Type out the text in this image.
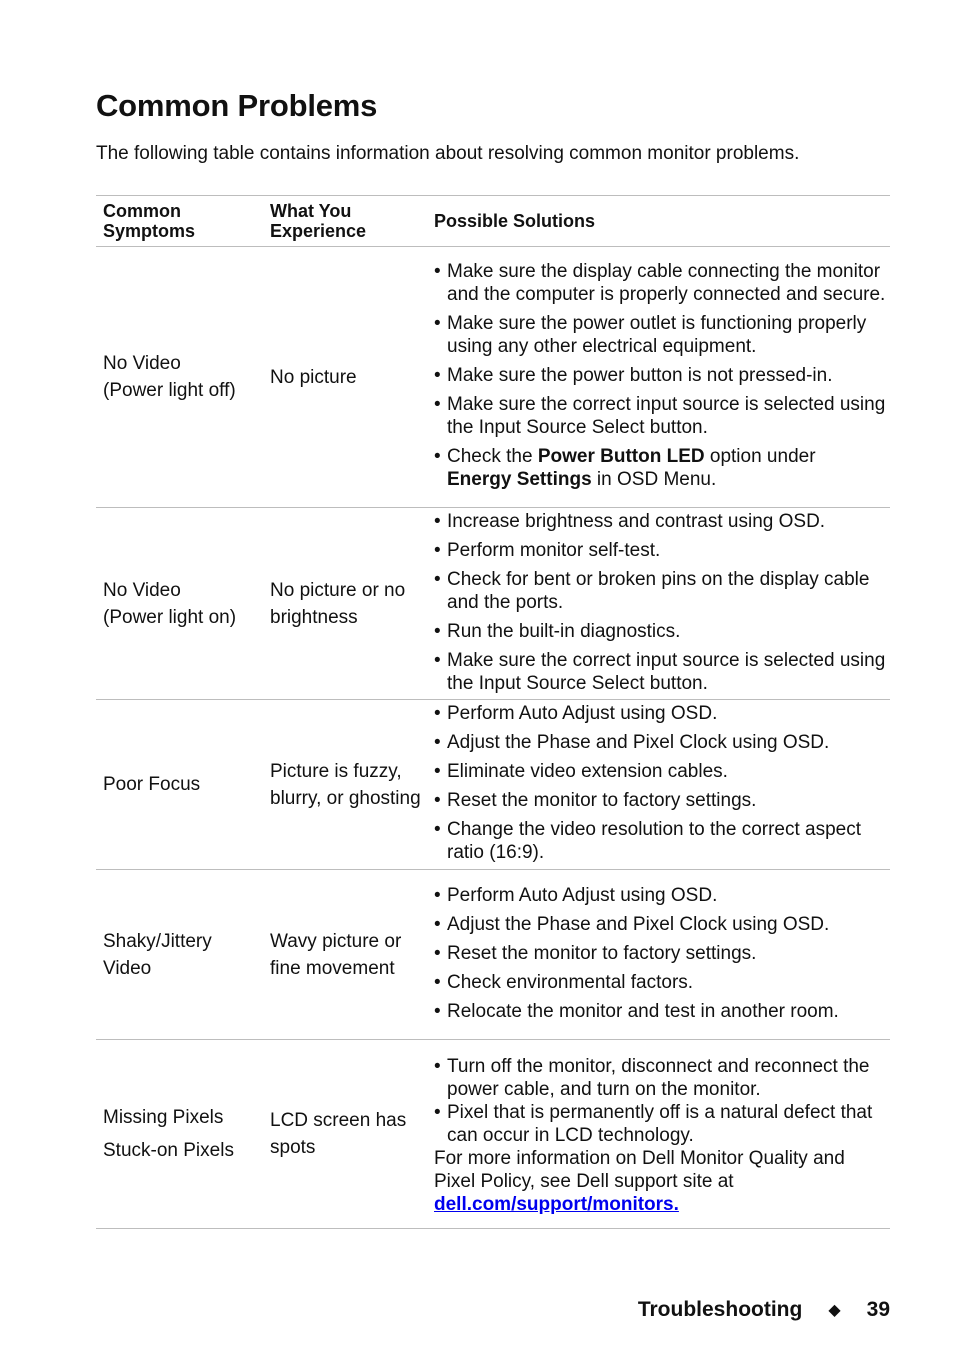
Common Problems

The following table contains information about resolving common monitor problems.

Common Symptoms
What You Experience	Possible Solutions
No Video
(Power light off)
No picture
• Make sure the display cable connecting the monitor and the computer is properly connected and secure.
• Make sure the power outlet is functioning properly using any other electrical equipment.
• Make sure the power button is not pressed-in.
• Make sure the correct input source is selected using the Input Source Select button.
• Check the Power Button LED option under
Energy Settings in OSD Menu.
No Video
(Power light on)
No picture or no brightness
• Increase brightness and contrast using OSD.
• Perform monitor self-test.
• Check for bent or broken pins on the display cable and the ports.
• Run the built-in diagnostics.
• Make sure the correct input source is selected using the Input Source Select button.
Poor Focus
Picture is fuzzy, blurry, or ghosting
• Perform Auto Adjust using OSD.
• Adjust the Phase and Pixel Clock using OSD.
• Eliminate video extension cables.
• Reset the monitor to factory settings.
• Change the video resolution to the correct aspect ratio (16:9).
Shaky/Jittery Video
Wavy picture or fine movement
• Perform Auto Adjust using OSD.
• Adjust the Phase and Pixel Clock using OSD.
• Reset the monitor to factory settings.
• Check environmental factors.
• Relocate the monitor and test in another room.
Missing Pixels
Stuck-on Pixels
LCD screen has spots
• Turn off the monitor, disconnect and reconnect the power cable, and turn on the monitor.
• Pixel that is permanently off is a natural defect that can occur in LCD technology.
For more information on Dell Monitor Quality and Pixel Policy, see Dell support site at dell.com/support/monitors.
Troubleshooting ◆ 39
